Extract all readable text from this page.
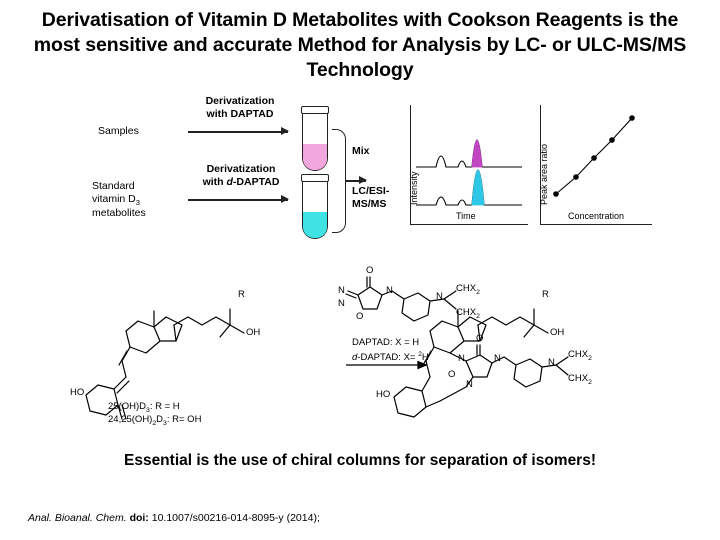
Derivatisation of Vitamin D Metabolites with Cookson Reagents is the most sensitive and accurate Method for Analysis by LC- or ULC-MS/MS Technology
Samples
Standard
vitamin $D_3$
metabolites
Derivatization
with DAPTAD
Derivatization
with d-DAPTAD
Mix
LC/ESI-
MS/MS	Intensity
Time
Peak area ratio
Concentration
R
OH
HO
$25(OH)D_3$: R = H
$24,25(OH)_2D_3$: R= OH
O
N
N
N
O
N
$CHX_2$
$CHX_2$
DAPTAD: X = H
d-DAPTAD: X= $^2$H
R
OH
HO
O
N	N
N
O
N
$CHX_2$
$CHX_2$
Essential is the use of chiral columns for separation of isomers!
Anal. Bioanal. Chem. doi: 10.1007/s00216-014-8095-y (2014);
